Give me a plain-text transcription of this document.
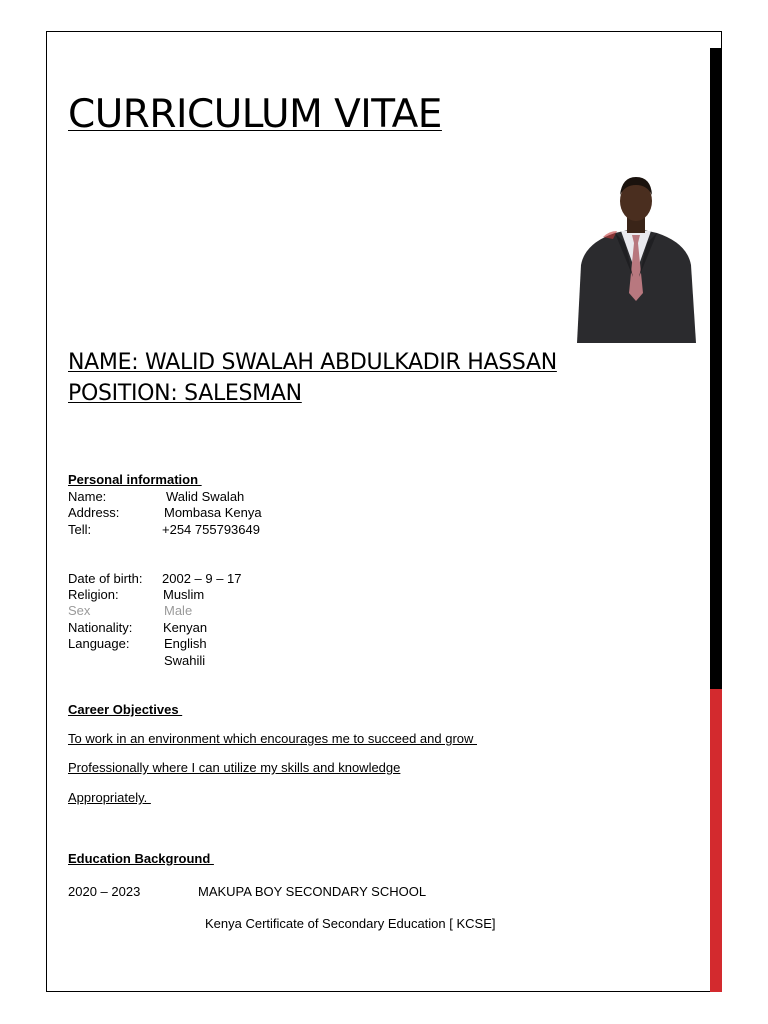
CURRICULUM VITAE

NAME: WALID SWALAH ABDULKADIR HASSAN

POSITION: SALESMAN

Personal information

Name:	Walid Swalah
Address:	Mombasa Kenya
Tell:	+254 755793649
Date of birth: 2002 – 9 – 17
Religion:	Muslim
Sex	Male
Nationality: Kenyan
Language:	English
Swahili

Career Objectives

To work in an environment which encourages me to succeed and grow
Professionally where I can utilize my skills and knowledge
Appropriately.

Education Background

2020 – 2023	MAKUPA BOY SECONDARY SCHOOL
Kenya Certificate of Secondary Education [ KCSE]
